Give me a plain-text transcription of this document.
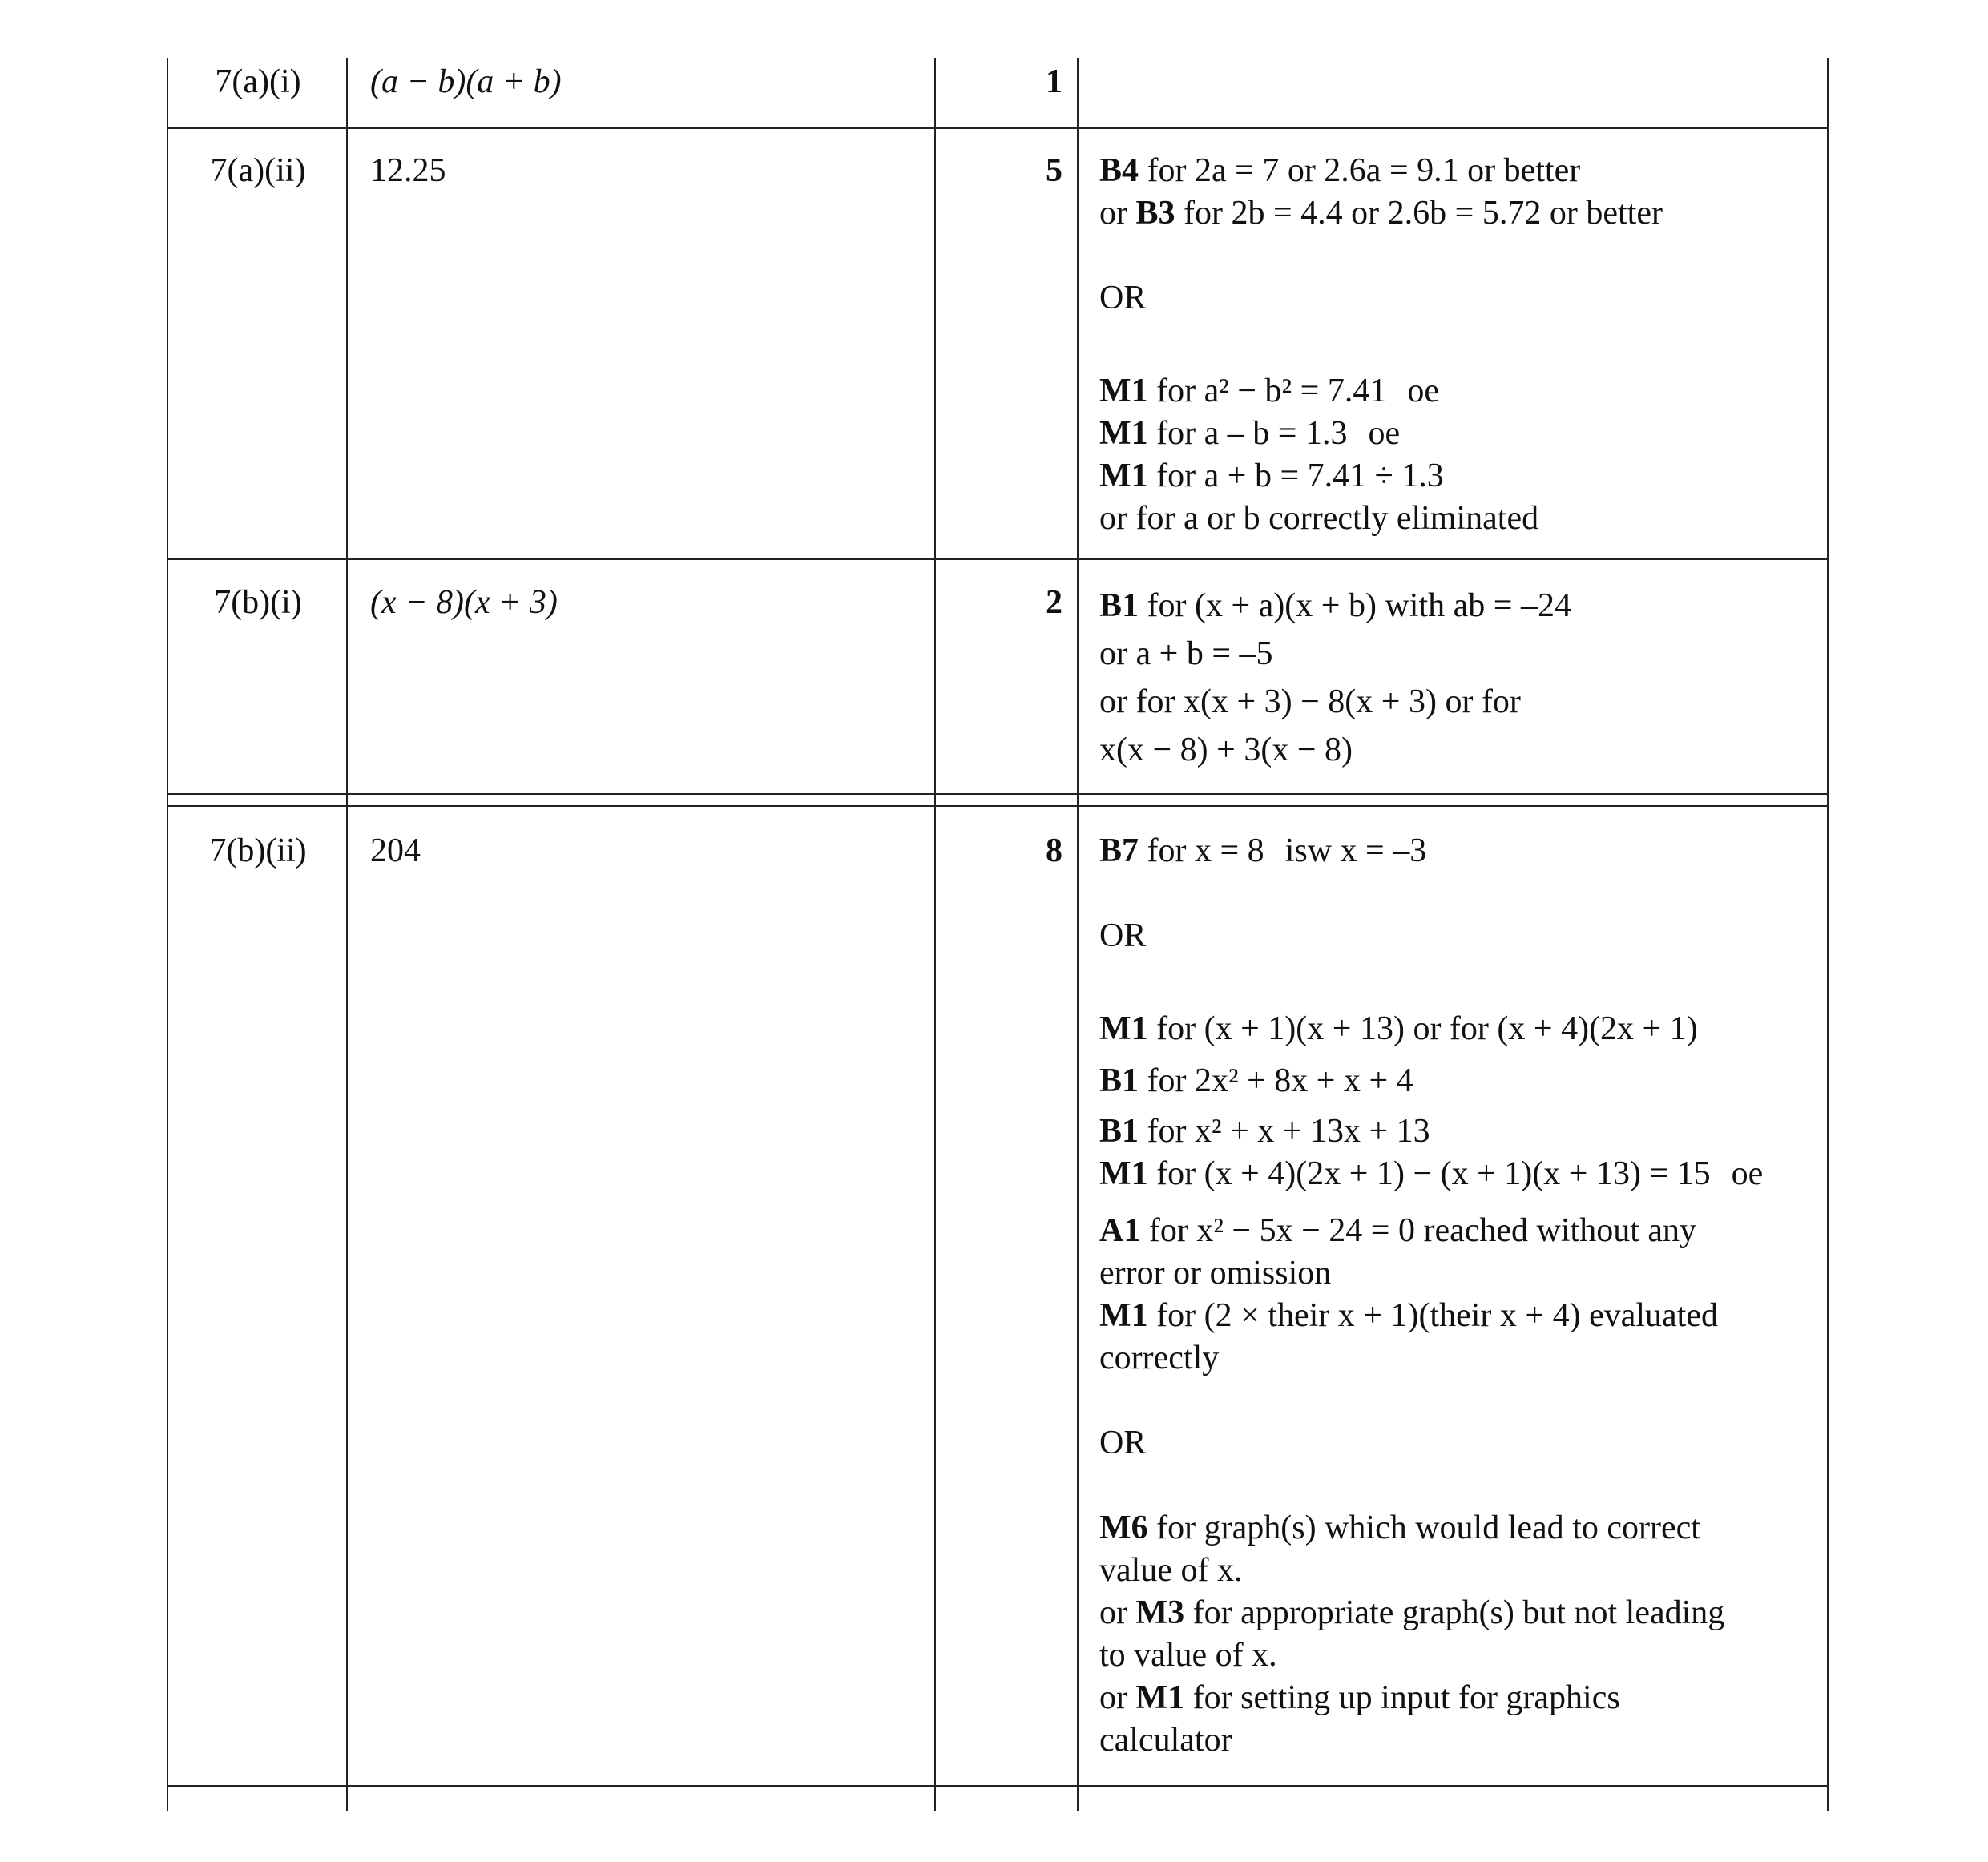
7(a)(i)	(a − b)(a + b)	1
7(a)(ii)	12.25	5 B4 for 2a = 7 or 2.6a = 9.1 or better
or B3 for 2b = 4.4 or 2.6b = 5.72 or better
OR
M1 for a² − b² = 7.41 oe
M1 for a – b = 1.3 oe
M1 for a + b = 7.41 ÷ 1.3
or for a or b correctly eliminated
7(b)(i)	(x − 8)(x + 3)	2 B1 for (x + a)(x + b) with ab = –24
or a + b = –5
or for x(x + 3) − 8(x + 3) or for
x(x − 8) + 3(x − 8)
7(b)(ii)	204	8 B7 for x = 8 isw x = –3
OR
M1 for (x + 1)(x + 13) or for (x + 4)(2x + 1)
B1 for 2x² + 8x + x + 4
B1 for x² + x + 13x + 13
M1 for (x + 4)(2x + 1) − (x + 1)(x + 13) = 15 oe
A1 for x² − 5x − 24 = 0 reached without any
error or omission
M1 for (2 × their x + 1)(their x + 4) evaluated
correctly
OR
M6 for graph(s) which would lead to correct
value of x.
or M3 for appropriate graph(s) but not leading
to value of x.
or M1 for setting up input for graphics
calculator
